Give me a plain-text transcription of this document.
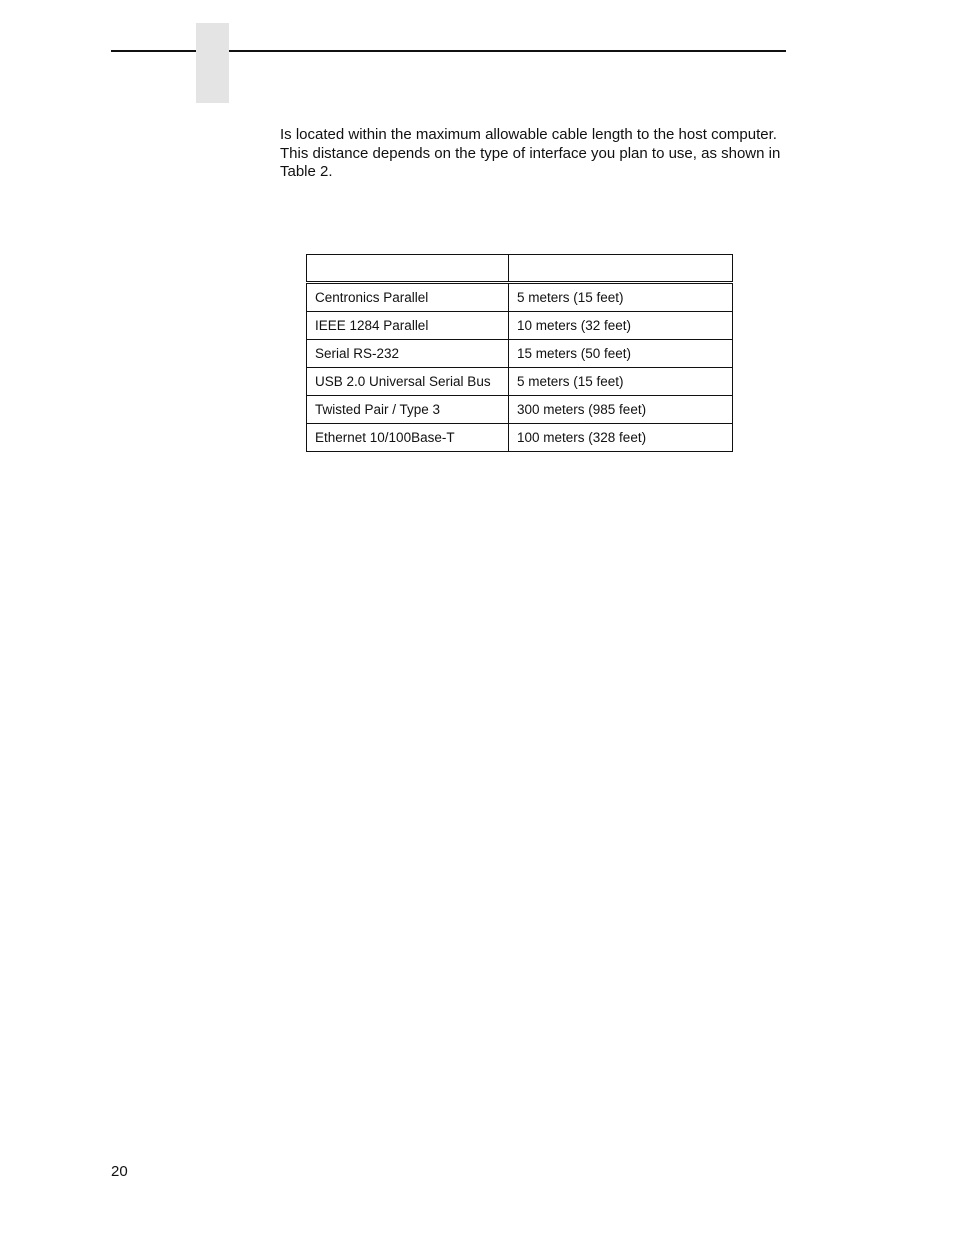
Is located within the maximum allowable cable length to the host computer. This distance depends on the type of interface you plan to use, as shown in Table 2.

Centronics Parallel	5 meters (15 feet)
IEEE 1284 Parallel	10 meters (32 feet)
Serial RS-232	15 meters (50 feet)
USB 2.0 Universal Serial Bus	5 meters (15 feet)
Twisted Pair / Type 3	300 meters (985 feet)
Ethernet 10/100Base-T	100 meters (328 feet)
20
